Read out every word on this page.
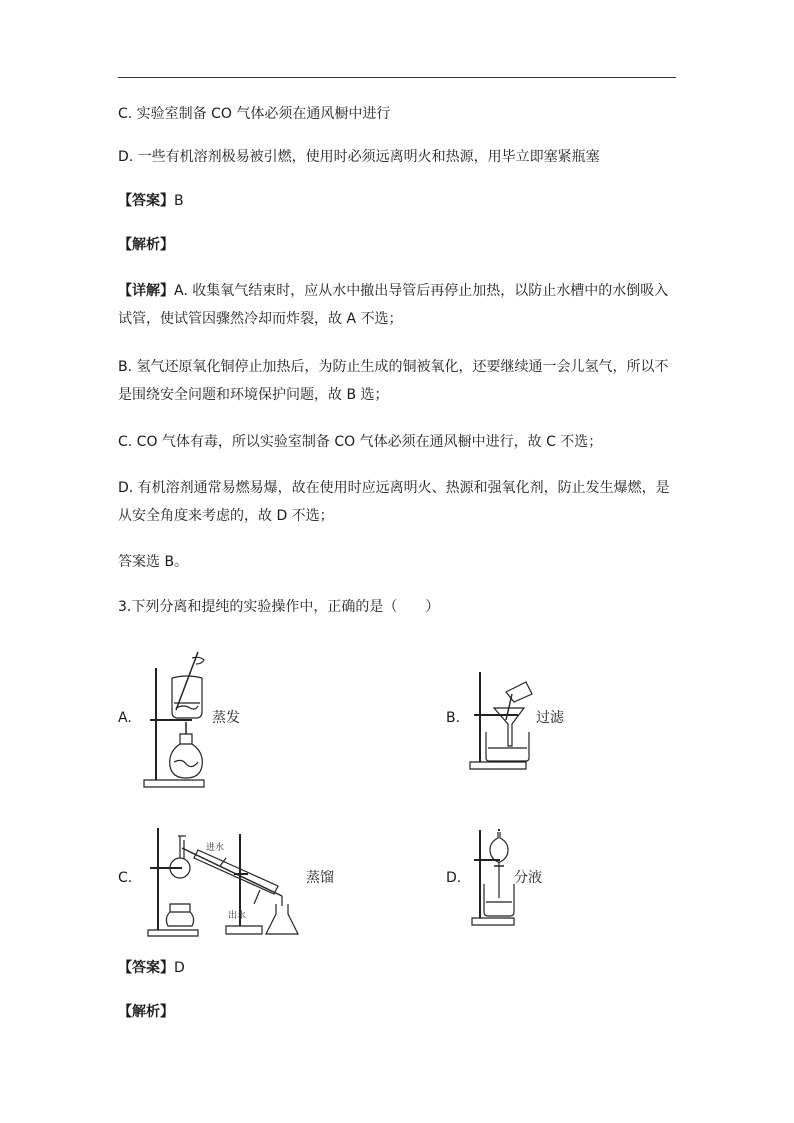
C. 实验室制备 CO 气体必须在通风橱中进行
D. 一些有机溶剂极易被引燃，使用时必须远离明火和热源，用毕立即塞紧瓶塞
【答案】B
【解析】
【详解】A. 收集氧气结束时，应从水中撤出导管后再停止加热，以防止水槽中的水倒吸入
试管，使试管因骤然冷却而炸裂，故 A 不选；
B. 氢气还原氧化铜停止加热后，为防止生成的铜被氧化，还要继续通一会儿氢气，所以不
是围绕安全问题和环境保护问题，故 B 选；
C. CO 气体有毒，所以实验室制备 CO 气体必须在通风橱中进行，故 C 不选；
D. 有机溶剂通常易燃易爆，故在使用时应远离明火、热源和强氧化剂，防止发生爆燃，是
从安全角度来考虑的，故 D 不选；
答案选 B。
3.下列分离和提纯的实验操作中，正确的是（　　）
A.	蒸发	B.	过滤
C.
进水
出水
蒸馏	D.	分液
【答案】D
【解析】
